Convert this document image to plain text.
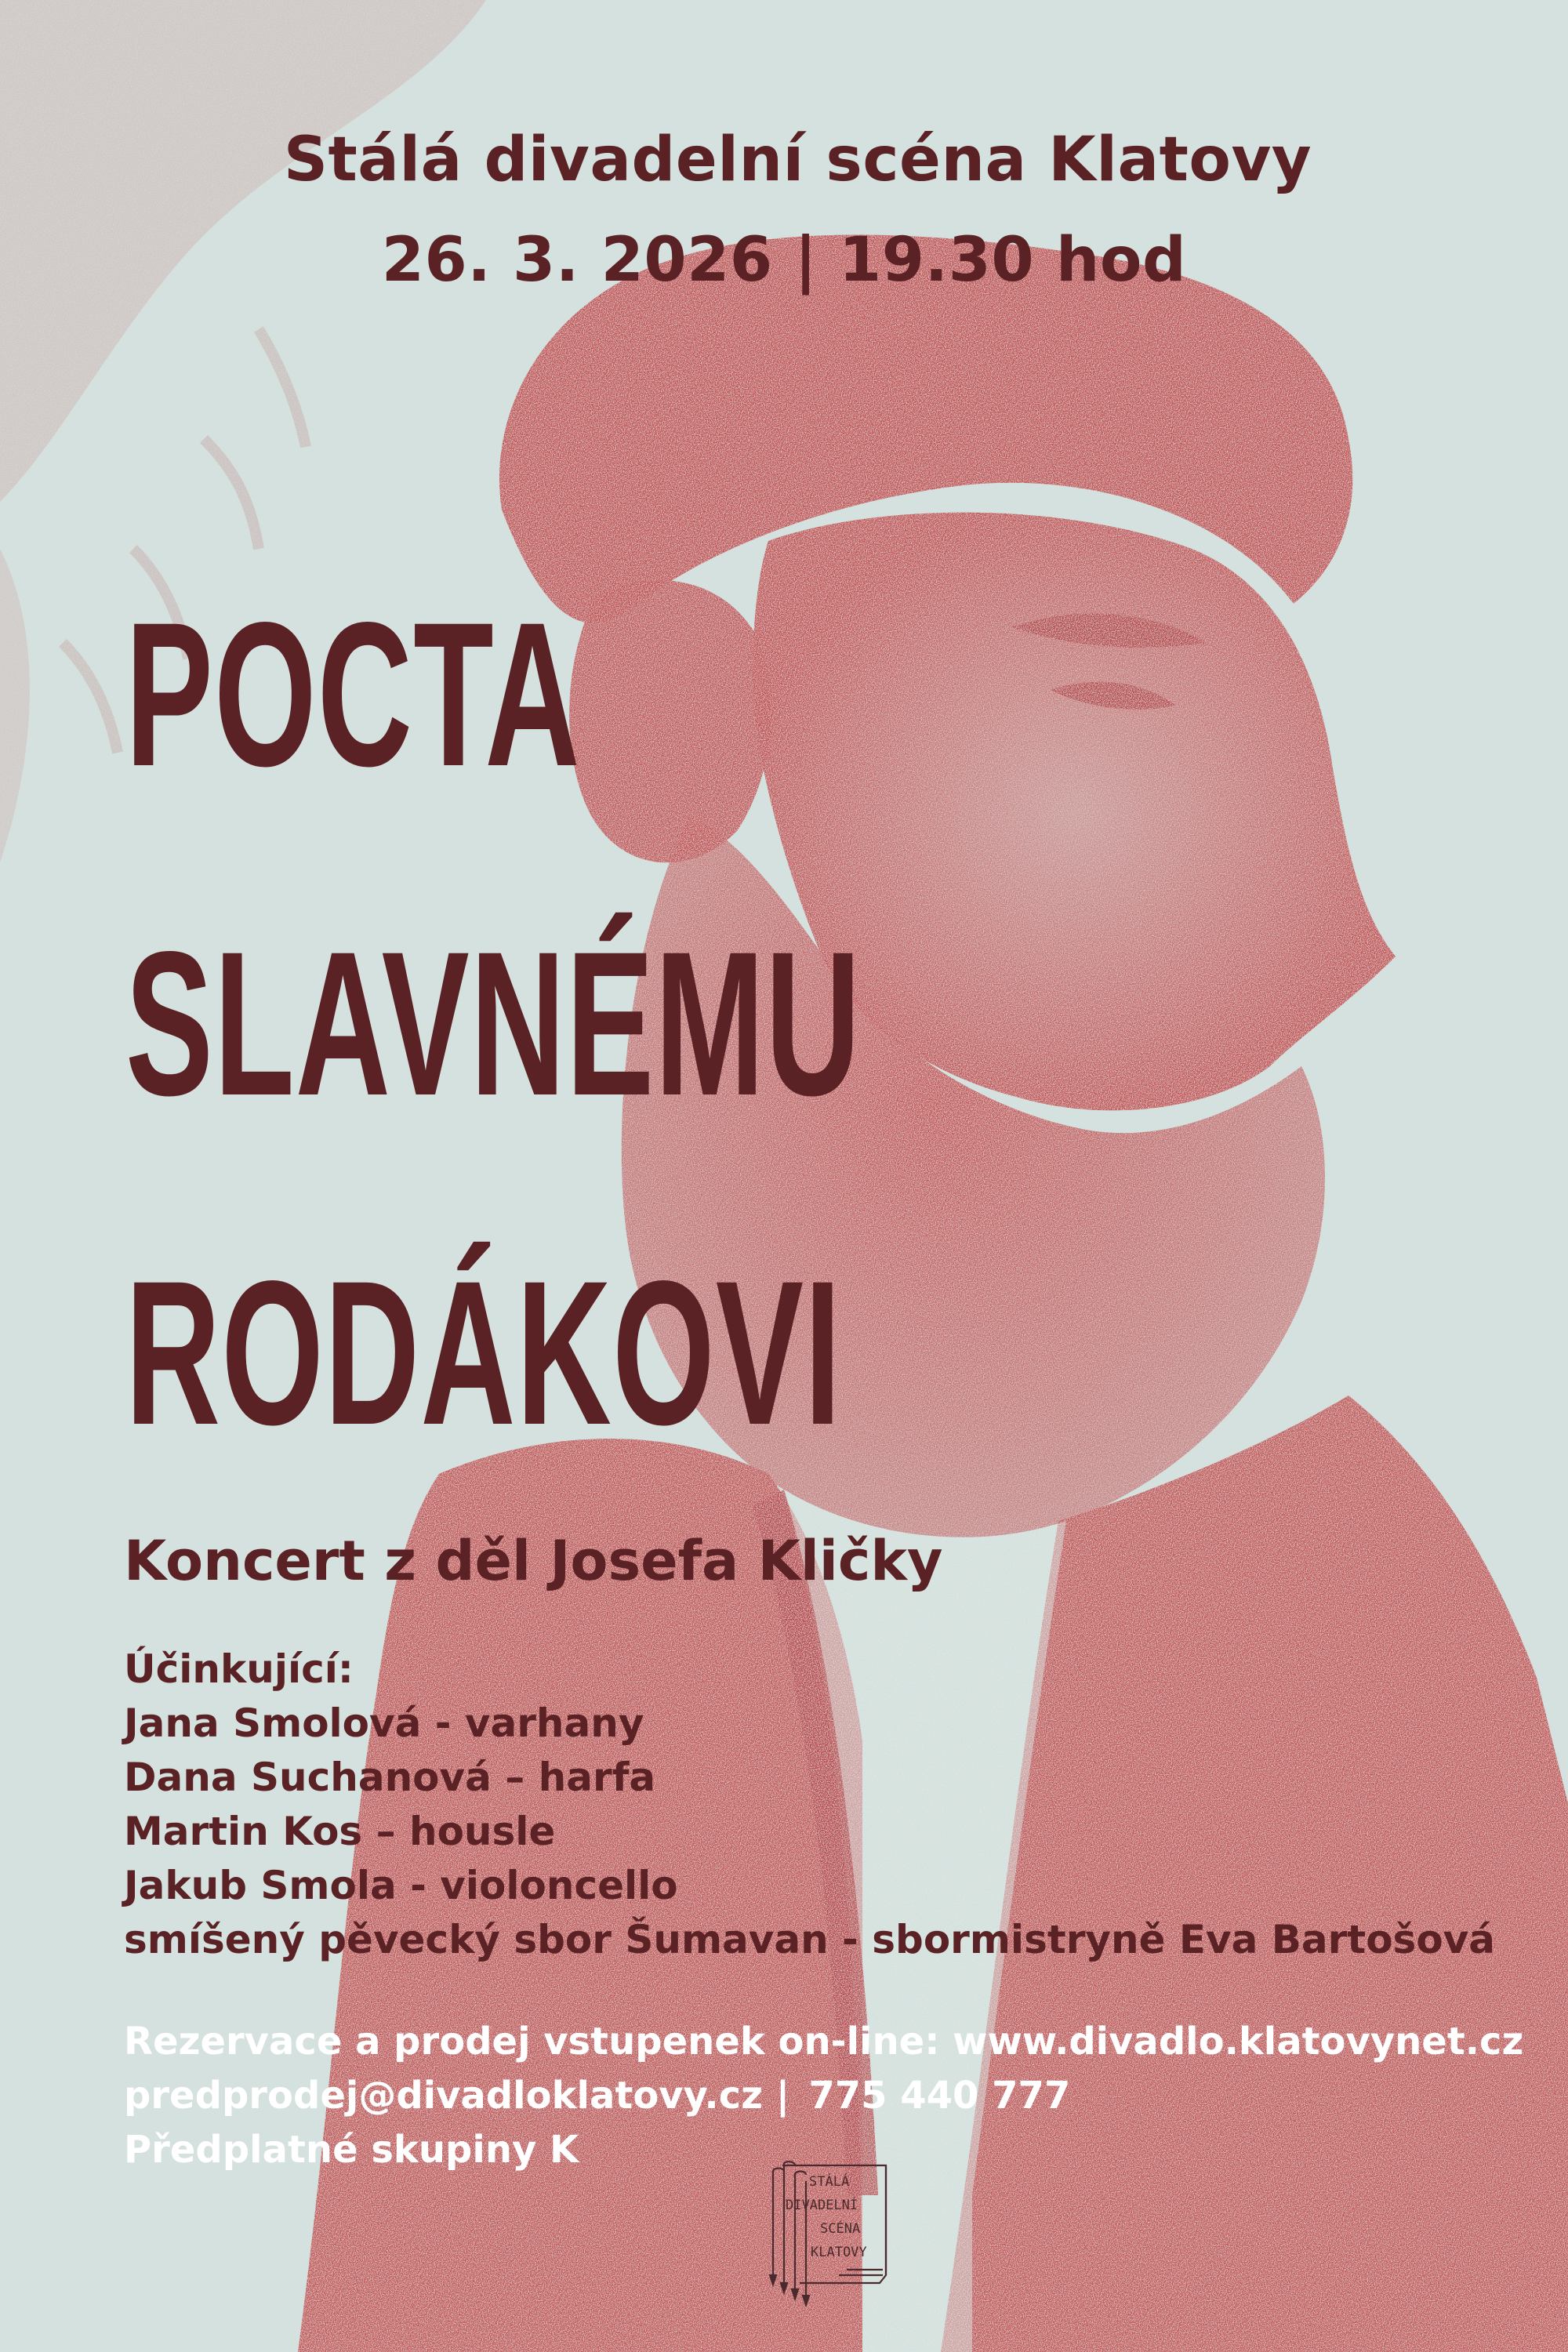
Stálá divadelní scéna Klatovy
26. 3. 2026 | 19.30 hod
POCTA
SLAVNÉMU
RODÁKOVI
Koncert z děl Josefa Kličky
Účinkující:
Jana Smolová - varhany
Dana Suchanová – harfa
Martin Kos – housle
Jakub Smola - violoncello
smíšený pěvecký sbor Šumavan - sbormistryně Eva Bartošová
Rezervace a prodej vstupenek on-line: www.divadlo.klatovynet.cz
predprodej@divadloklatovy.cz | 775 440 777
Předplatné skupiny K
STÁLÁ
DIVADELNÍ
SCÉNA
KLATOVY
